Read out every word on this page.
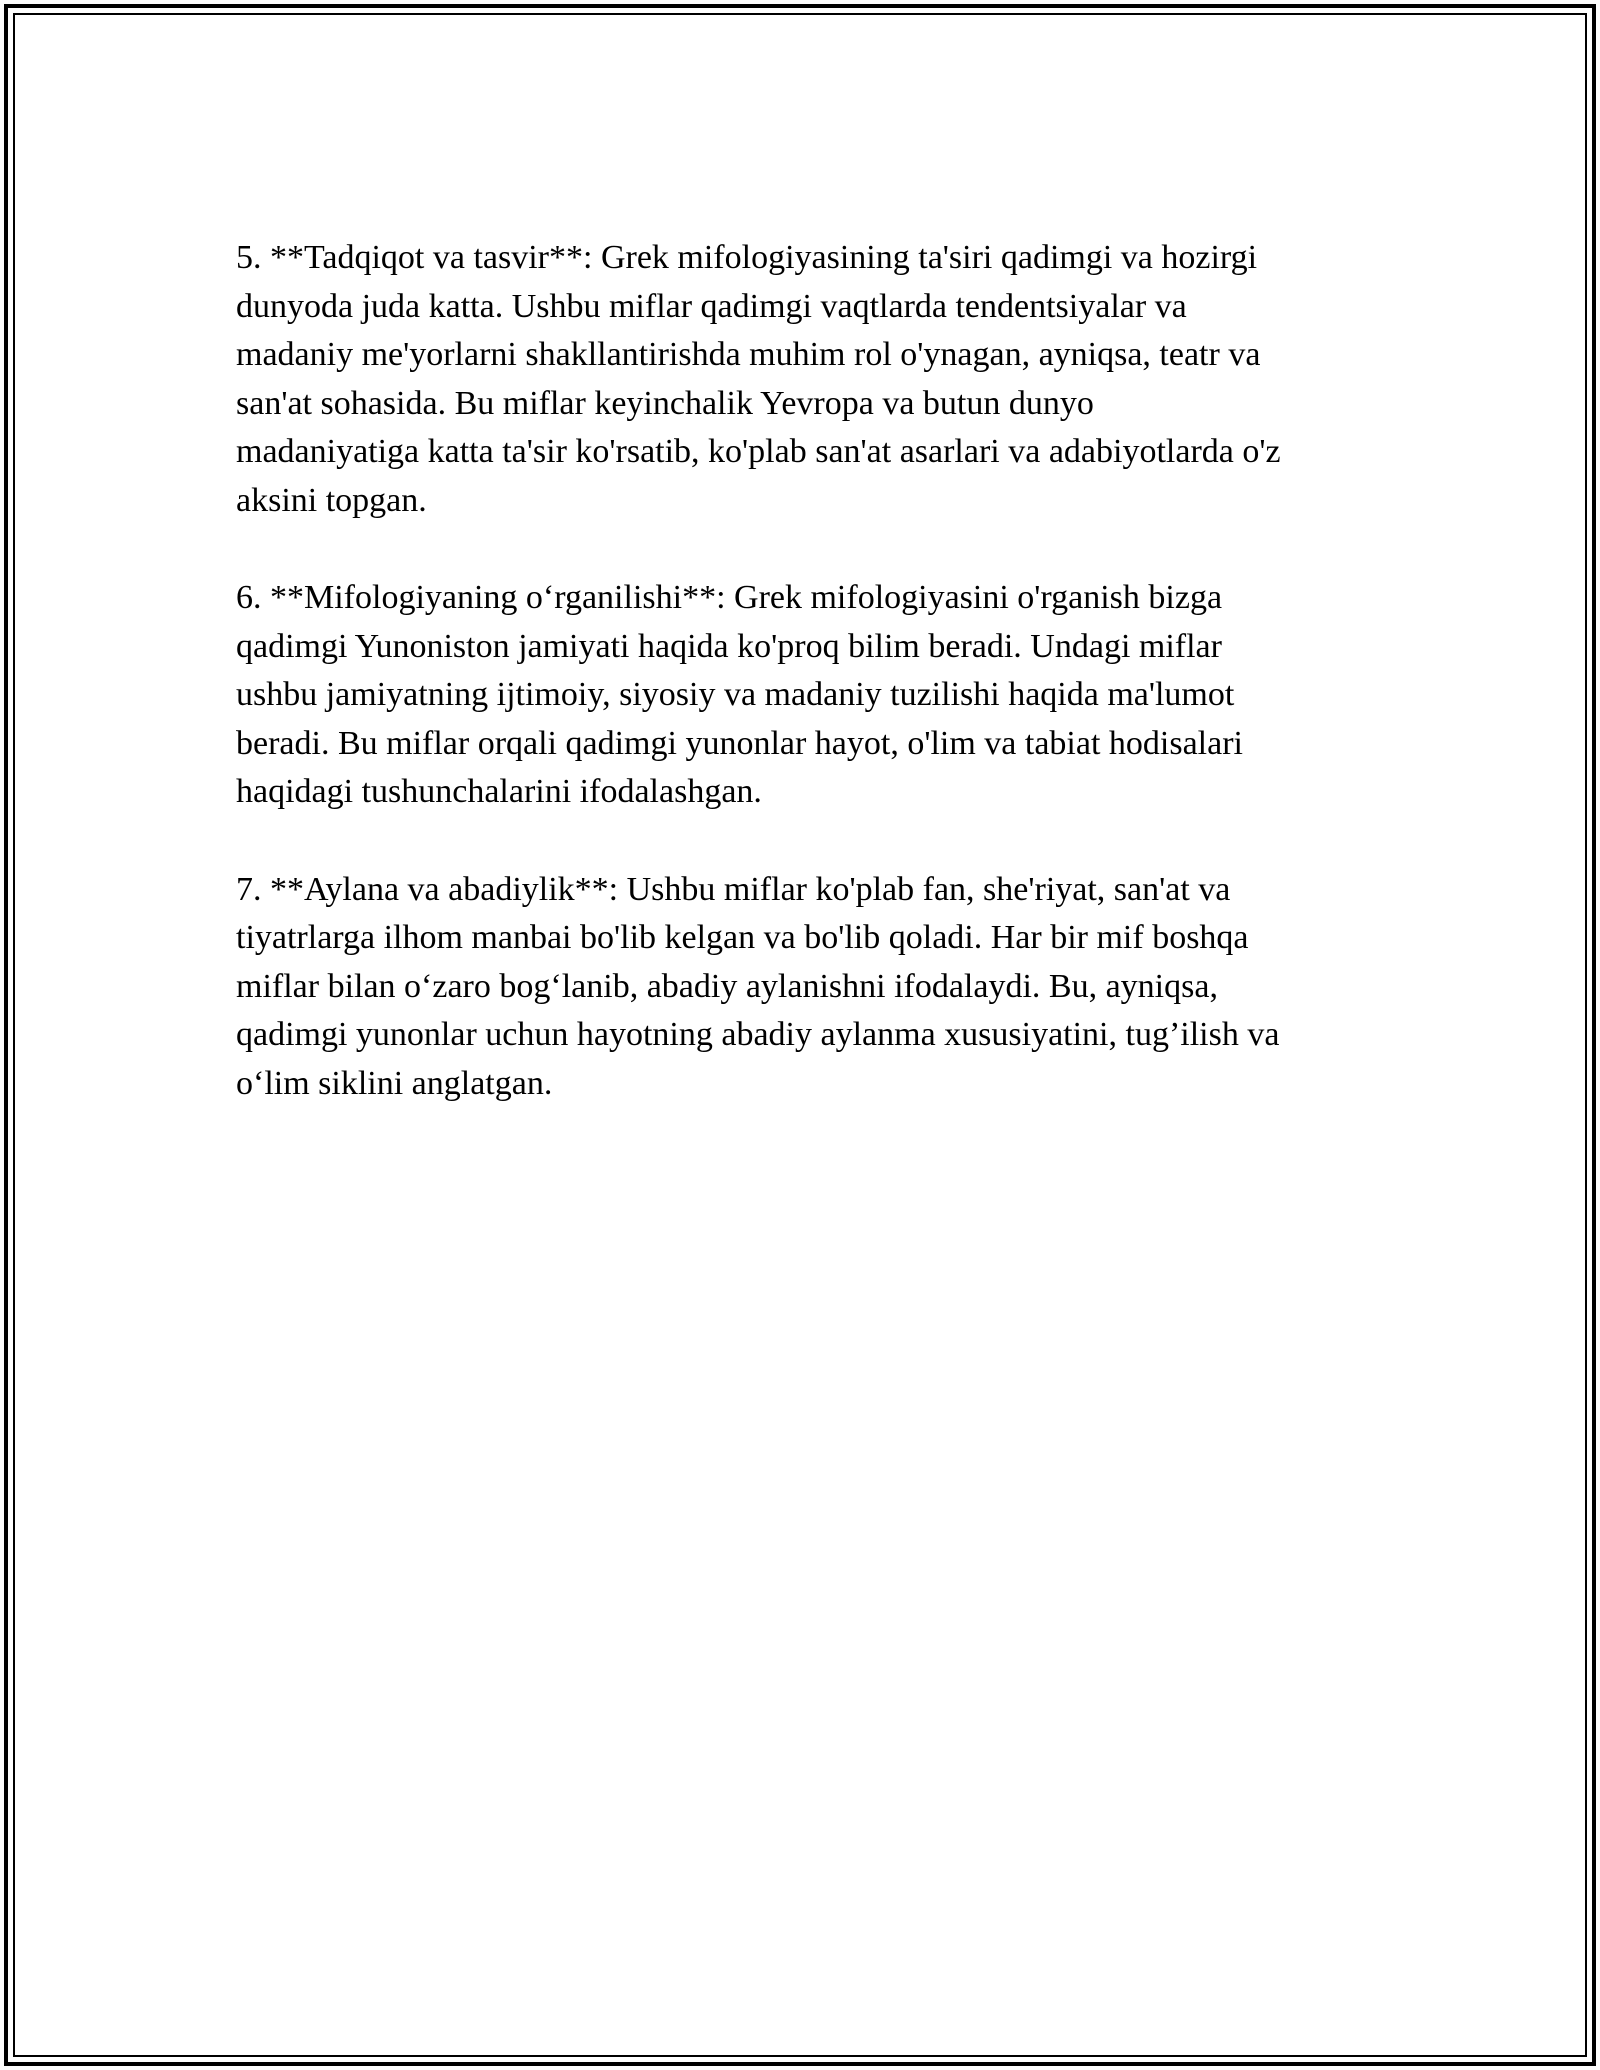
5. **Tadqiqot va tasvir**: Grek mifologiyasining ta'siri qadimgi va hozirgi
dunyoda juda katta. Ushbu miflar qadimgi vaqtlarda tendentsiyalar va
madaniy me'yorlarni shakllantirishda muhim rol o'ynagan, ayniqsa, teatr va
san'at sohasida. Bu miflar keyinchalik Yevropa va butun dunyo
madaniyatiga katta ta'sir ko'rsatib, ko'plab san'at asarlari va adabiyotlarda o'z
aksini topgan.

6. **Mifologiyaning o‘rganilishi**: Grek mifologiyasini o'rganish bizga
qadimgi Yunoniston jamiyati haqida ko'proq bilim beradi. Undagi miflar
ushbu jamiyatning ijtimoiy, siyosiy va madaniy tuzilishi haqida ma'lumot
beradi. Bu miflar orqali qadimgi yunonlar hayot, o'lim va tabiat hodisalari
haqidagi tushunchalarini ifodalashgan.

7. **Aylana va abadiylik**: Ushbu miflar ko'plab fan, she'riyat, san'at va
tiyatrlarga ilhom manbai bo'lib kelgan va bo'lib qoladi. Har bir mif boshqa
miflar bilan o‘zaro bog‘lanib, abadiy aylanishni ifodalaydi. Bu, ayniqsa,
qadimgi yunonlar uchun hayotning abadiy aylanma xususiyatini, tug’ilish va
o‘lim siklini anglatgan.
